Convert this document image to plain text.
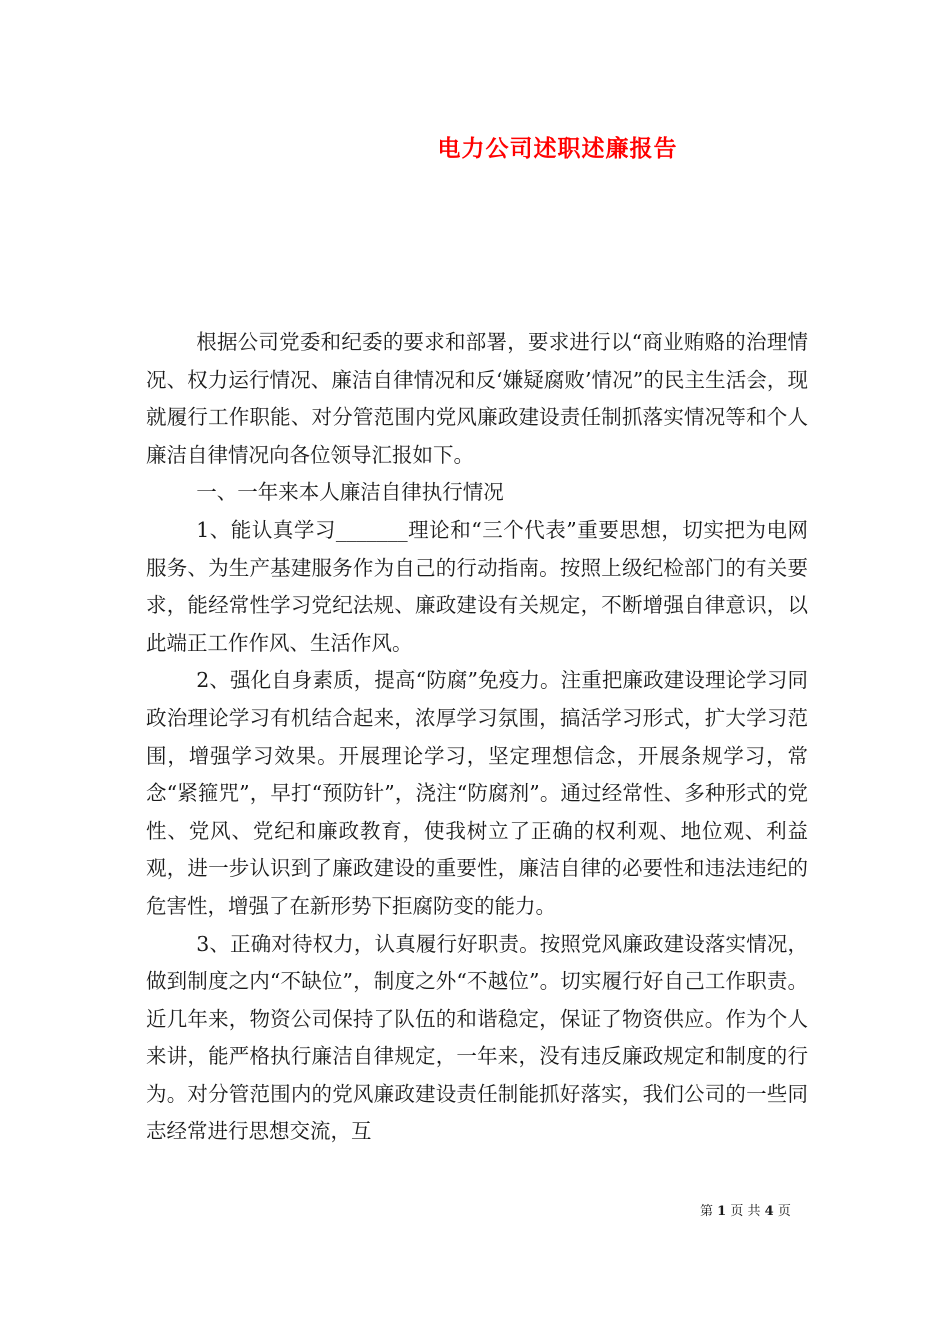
电力公司述职述廉报告

根据公司党委和纪委的要求和部署，要求进行以“商业贿赂的治理情况、权力运行情况、廉洁自律情况和反‘嫌疑腐败’情况”的民主生活会，现就履行工作职能、对分管范围内党风廉政建设责任制抓落实情况等和个人廉洁自律情况向各位领导汇报如下。

一、一年来本人廉洁自律执行情况

1、能认真学习_______理论和“三个代表”重要思想，切实把为电网服务、为生产基建服务作为自己的行动指南。按照上级纪检部门的有关要求，能经常性学习党纪法规、廉政建设有关规定，不断增强自律意识，以此端正工作作风、生活作风。

2、强化自身素质，提高“防腐”免疫力。注重把廉政建设理论学习同政治理论学习有机结合起来，浓厚学习氛围，搞活学习形式，扩大学习范围，增强学习效果。开展理论学习，坚定理想信念，开展条规学习，常念“紧箍咒”，早打“预防针”，浇注“防腐剂”。通过经常性、多种形式的党性、党风、党纪和廉政教育，使我树立了正确的权利观、地位观、利益观，进一步认识到了廉政建设的重要性，廉洁自律的必要性和违法违纪的危害性，增强了在新形势下拒腐防变的能力。

3、正确对待权力，认真履行好职责。按照党风廉政建设落实情况，做到制度之内“不缺位”，制度之外“不越位”。切实履行好自己工作职责。近几年来，物资公司保持了队伍的和谐稳定，保证了物资供应。作为个人来讲，能严格执行廉洁自律规定，一年来，没有违反廉政规定和制度的行为。对分管范围内的党风廉政建设责任制能抓好落实，我们公司的一些同志经常进行思想交流，互

第 1 页 共 4 页
